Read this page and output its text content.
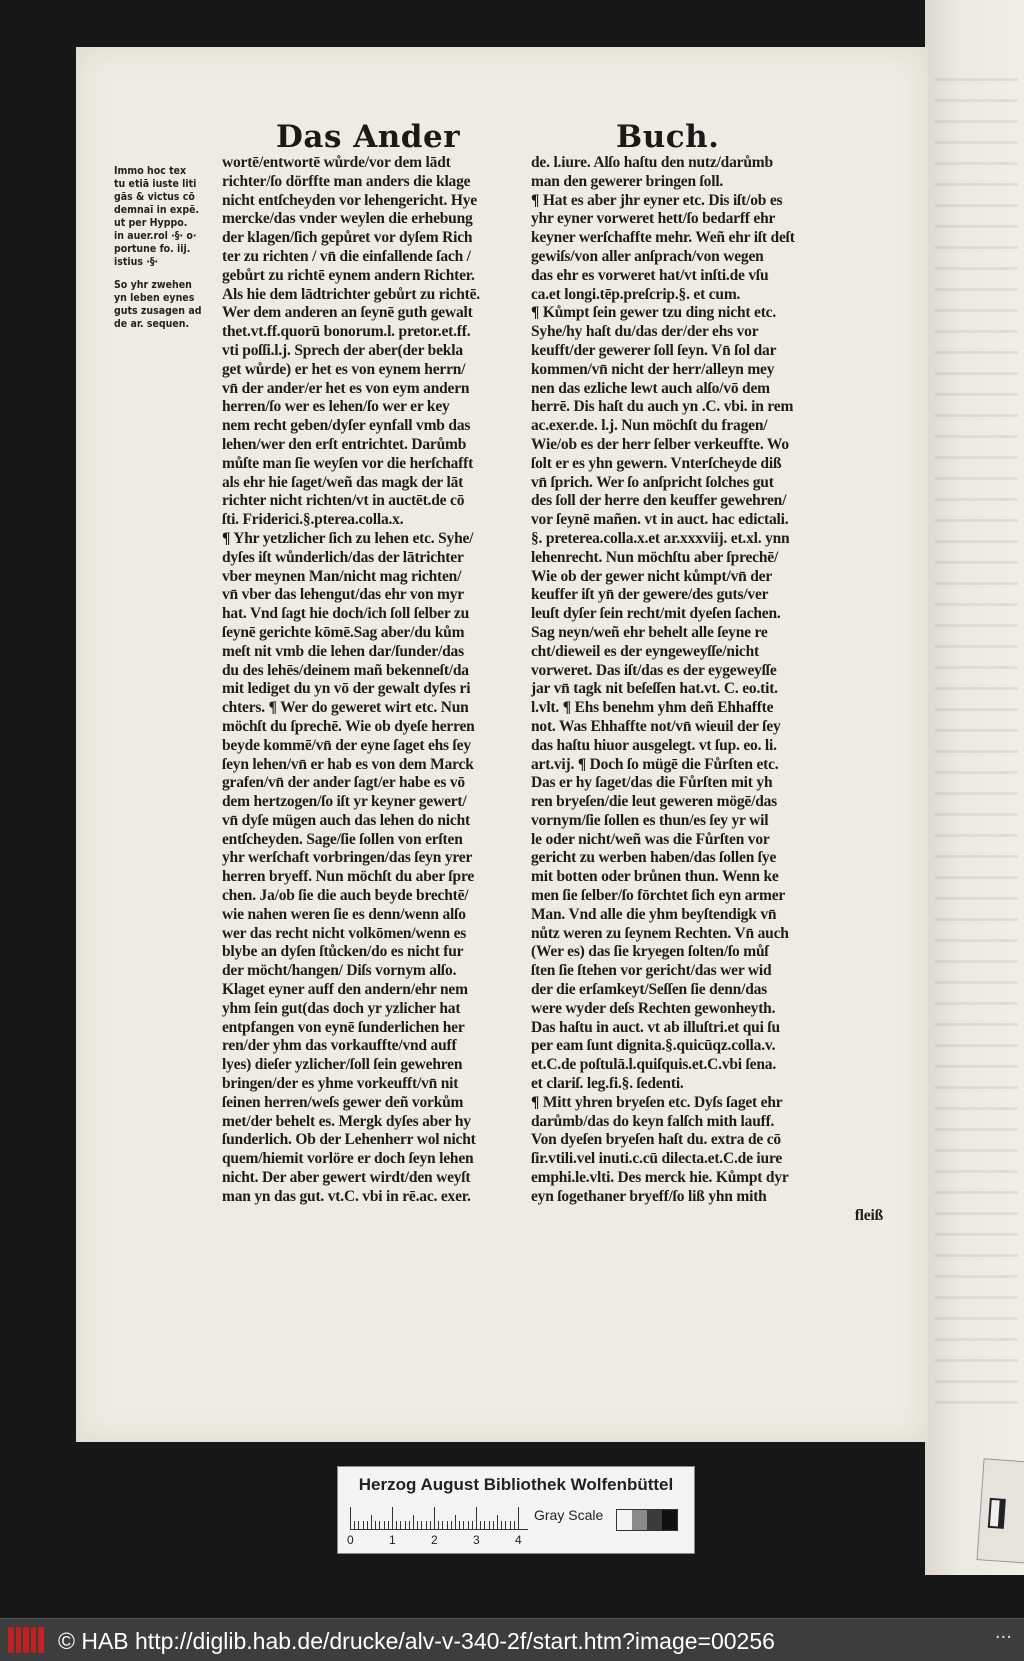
Das Ander	Buch.
Immo hoc tex
tu etiā iuste liti
gās & victus cō
demnaī in expē.
ut per Hyppo.
in auer.rol ·§· o·
portune fo. iij.
istius ·§·
So yhr zwehen
yn leben eynes
guts zusagen ad
de ar. sequen.
wortē/entwortē wůrde/vor dem lādt
richter/ſo dörffte man anders die klage
nicht entſcheyden vor lehengericht. Hye
mercke/das vnder weylen die erhebung
der klagen/ſich gepůret vor dyſem Rich
ter zu richten / vn̄ die einfallende ſach /
gebůrt zu richtē eynem andern Richter.
Als hie dem lādtrichter gebůrt zu richtē.
Wer dem anderen an ſeynē guth gewalt
thet.vt.ff.quorū bonorum.l. pretor.et.ff.
vti poſſi.l.j. Sprech der aber(der bekla
get wůrde) er het es von eynem herrn/
vn̄ der ander/er het es von eym andern
herren/ſo wer es lehen/ſo wer er key
nem recht geben/dyſer eynfall vmb das
lehen/wer den erſt entrichtet. Darůmb
můſte man ſie weyſen vor die herſchafft
als ehr hie ſaget/weñ das magk der lāt
richter nicht richten/vt in auctēt.de cō
ſti. Friderici.§.pterea.colla.x.
¶ Yhr yetzlicher ſich zu lehen etc. Syhe/
dyſes iſt wůnderlich/das der lātrichter
vber meynen Man/nicht mag richten/
vn̄ vber das lehengut/das ehr von myr
hat. Vnd ſagt hie doch/ich ſoll ſelber zu
ſeynē gerichte kōmē.Sag aber/du kům
meſt nit vmb die lehen dar/ſunder/das
du des lehēs/deinem mañ bekenneſt/da
mit lediget du yn vō der gewalt dyſes ri
chters. ¶ Wer do geweret wirt etc. Nun
möchſt du ſprechē. Wie ob dyeſe herren
beyde kommē/vn̄ der eyne ſaget ehs ſey
ſeyn lehen/vn̄ er hab es von dem Marck
grafen/vn̄ der ander ſagt/er habe es vō
dem hertzogen/ſo iſt yr keyner gewert/
vn̄ dyſe mügen auch das lehen do nicht
entſcheyden. Sage/ſie ſollen von erſten
yhr werſchaft vorbringen/das ſeyn yrer
herren bryeff. Nun möchſt du aber ſpre
chen. Ja/ob ſie die auch beyde brechtē/
wie nahen weren ſie es denn/wenn alſo
wer das recht nicht volkōmen/wenn es
blybe an dyſen ſtůcken/do es nicht fur
der möcht/hangen/ Diſs vornym alſo.
Klaget eyner auff den andern/ehr nem
yhm ſein gut(das doch yr yzlicher hat
entpfangen von eynē ſunderlichen her
ren/der yhm das vorkauffte/vnd auff
lyes) dieſer yzlicher/ſoll ſein gewehren
bringen/der es yhme vorkeufft/vn̄ nit
ſeinen herren/weſs gewer deñ vorkům
met/der behelt es. Mergk dyſes aber hy
ſunderlich. Ob der Lehenherr wol nicht
quem/hiemit vorlöre er doch ſeyn lehen
nicht. Der aber gewert wirdt/den weyſt
man yn das gut. vt.C. vbi in rē.ac. exer.
de. l.iure. Alſo haſtu den nutz/darůmb
man den gewerer bringen ſoll.
¶ Hat es aber jhr eyner etc. Dis iſt/ob es
yhr eyner vorweret hett/ſo bedarff ehr
keyner werſchaffte mehr. Weñ ehr iſt deſt
gewiſs/von aller anſprach/von wegen
das ehr es vorweret hat/vt inſti.de vſu
ca.et longi.tēp.preſcrip.§. et cum.
¶ Kůmpt ſein gewer tzu ding nicht etc.
Syhe/hy haſt du/das der/der ehs vor
keufft/der gewerer ſoll ſeyn. Vn̄ ſol dar
kommen/vn̄ nicht der herr/alleyn mey
nen das ezliche lewt auch alſo/vō dem
herrē. Dis haſt du auch yn .C. vbi. in rem
ac.exer.de. l.j. Nun möchſt du fragen/
Wie/ob es der herr ſelber verkeuffte. Wo
ſolt er es yhn gewern. Vnterſcheyde diß
vn̄ ſprich. Wer ſo anſpricht ſolches gut
des ſoll der herre den keuffer gewehren/
vor ſeynē mañen. vt in auct. hac edictali.
§. preterea.colla.x.et ar.xxxviij. et.xl. ynn
lehenrecht. Nun möchſtu aber ſprechē/
Wie ob der gewer nicht kůmpt/vn̄ der
keuffer iſt yn̄ der gewere/des guts/ver
leuſt dyſer ſein recht/mit dyeſen ſachen.
Sag neyn/weñ ehr behelt alle ſeyne re
cht/dieweil es der eyngeweyſſe/nicht
vorweret. Das iſt/das es der eygeweyſſe
jar vn̄ tagk nit beſeſſen hat.vt. C. eo.tit.
l.vlt. ¶ Ehs benehm yhm deñ Ehhaffte
not. Was Ehhaffte not/vn̄ wieuil der ſey
das haſtu hiuor ausgelegt. vt ſup. eo. li.
art.vij. ¶ Doch ſo mügē die Fůrſten etc.
Das er hy ſaget/das die Fůrſten mit yh
ren bryeſen/die leut geweren mögē/das
vornym/ſie ſollen es thun/es ſey yr wil
le oder nicht/weñ was die Fůrſten vor
gericht zu werben haben/das ſollen ſye
mit botten oder brůnen thun. Wenn ke
men ſie ſelber/ſo fōrchtet ſich eyn armer
Man. Vnd alle die yhm beyſtendigk vn̄
nůtz weren zu ſeynem Rechten. Vn̄ auch
(Wer es) das ſie kryegen ſolten/ſo můſ
ſten ſie ſtehen vor gericht/das wer wid
der die erſamkeyt/Seſſen ſie denn/das
were wyder deſs Rechten gewonheyth.
Das haſtu in auct. vt ab illuſtri.et qui ſu
per eam ſunt dignita.§.quicūqz.colla.v.
et.C.de poſtulā.l.quiſquis.et.C.vbi ſena.
et clariſ. leg.fi.§. ſedenti.
¶ Mitt yhren bryeſen etc. Dyſs ſaget ehr
darůmb/das do keyn falſch mith lauff.
Von dyeſen bryeſen haſt du. extra de cō
ſir.vtili.vel inuti.c.cū dilecta.et.C.de iure
emphi.le.vlti. Des merck hie. Kůmpt dyr
eyn ſogethaner bryeff/ſo liß yhn mith
fleiß
Herzog August Bibliothek Wolfenbüttel
0	1	2	3	4
Gray Scale
© HAB http://diglib.hab.de/drucke/alv-v-340-2f/start.htm?image=00256	···
